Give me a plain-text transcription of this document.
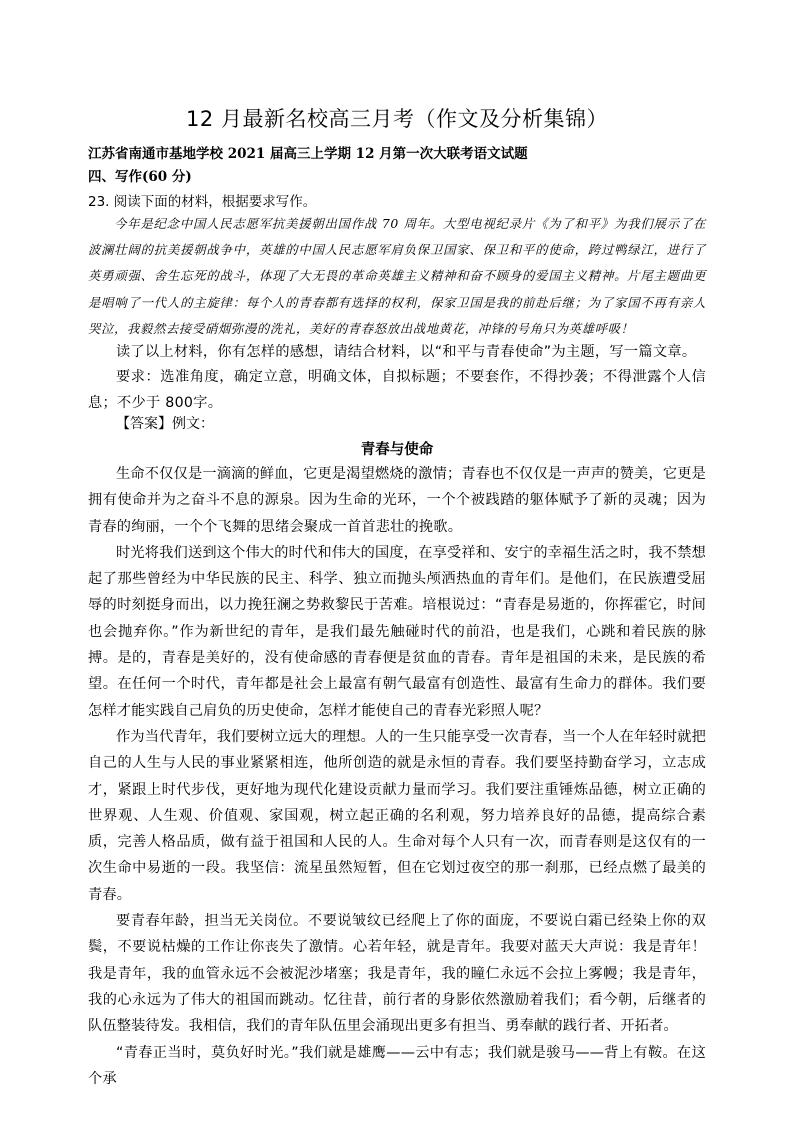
12 月最新名校高三月考（作文及分析集锦）

江苏省南通市基地学校 2021 届高三上学期 12 月第一次大联考语文试题

四、写作(60 分)

23. 阅读下面的材料，根据要求写作。

今年是纪念中国人民志愿军抗美援朝出国作战 70 周年。大型电视纪录片《为了和平》为我们展示了在波澜壮阔的抗美援朝战争中，英雄的中国人民志愿军肩负保卫国家、保卫和平的使命，跨过鸭绿江，进行了英勇顽强、舍生忘死的战斗，体现了大无畏的革命英雄主义精神和奋不顾身的爱国主义精神。片尾主题曲更是唱响了一代人的主旋律：每个人的青春都有选择的权利，保家卫国是我的前赴后继；为了家国不再有亲人哭泣，我毅然去接受硝烟弥漫的洗礼，美好的青春怒放出战地黄花，冲锋的号角只为英雄呼吸！

读了以上材料，你有怎样的感想，请结合材料，以“和平与青春使命”为主题，写一篇文章。

要求：选准角度，确定立意，明确文体，自拟标题；不要套作，不得抄袭；不得泄露个人信息；不少于 800字。

【答案】例文：

青春与使命

生命不仅仅是一滴滴的鲜血，它更是渴望燃烧的激情；青春也不仅仅是一声声的赞美，它更是拥有使命并为之奋斗不息的源泉。因为生命的光环，一个个被践踏的躯体赋予了新的灵魂；因为青春的绚丽，一个个飞舞的思绪会聚成一首首悲壮的挽歌。

时光将我们送到这个伟大的时代和伟大的国度，在享受祥和、安宁的幸福生活之时，我不禁想起了那些曾经为中华民族的民主、科学、独立而抛头颅洒热血的青年们。是他们，在民族遭受屈辱的时刻挺身而出，以力挽狂澜之势救黎民于苦难。培根说过：“青春是易逝的，你挥霍它，时间也会抛弃你。”作为新世纪的青年，是我们最先触碰时代的前沿，也是我们，心跳和着民族的脉搏。是的，青春是美好的，没有使命感的青春便是贫血的青春。青年是祖国的未来，是民族的希望。在任何一个时代，青年都是社会上最富有朝气最富有创造性、最富有生命力的群体。我们要怎样才能实践自己肩负的历史使命，怎样才能使自己的青春光彩照人呢？

作为当代青年，我们要树立远大的理想。人的一生只能享受一次青春，当一个人在年轻时就把自己的人生与人民的事业紧紧相连，他所创造的就是永恒的青春。我们要坚持勤奋学习，立志成才，紧跟上时代步伐，更好地为现代化建设贡献力量而学习。我们要注重锤炼品德，树立正确的世界观、人生观、价值观、家国观，树立起正确的名利观，努力培养良好的品德，提高综合素质，完善人格品质，做有益于祖国和人民的人。生命对每个人只有一次，而青春则是这仅有的一次生命中易逝的一段。我坚信：流星虽然短暂，但在它划过夜空的那一刹那，已经点燃了最美的青春。

要青春年龄，担当无关岗位。不要说皱纹已经爬上了你的面庞，不要说白霜已经染上你的双鬓，不要说枯燥的工作让你丧失了激情。心若年轻，就是青年。我要对蓝天大声说：我是青年！我是青年，我的血管永远不会被泥沙堵塞；我是青年，我的瞳仁永远不会拉上雾幔；我是青年，我的心永远为了伟大的祖国而跳动。忆往昔，前行者的身影依然激励着我们；看今朝，后继者的队伍整装待发。我相信，我们的青年队伍里会涌现出更多有担当、勇奉献的践行者、开拓者。

“青春正当时，莫负好时光。”我们就是雄鹰——云中有志；我们就是骏马——背上有鞍。在这个承
